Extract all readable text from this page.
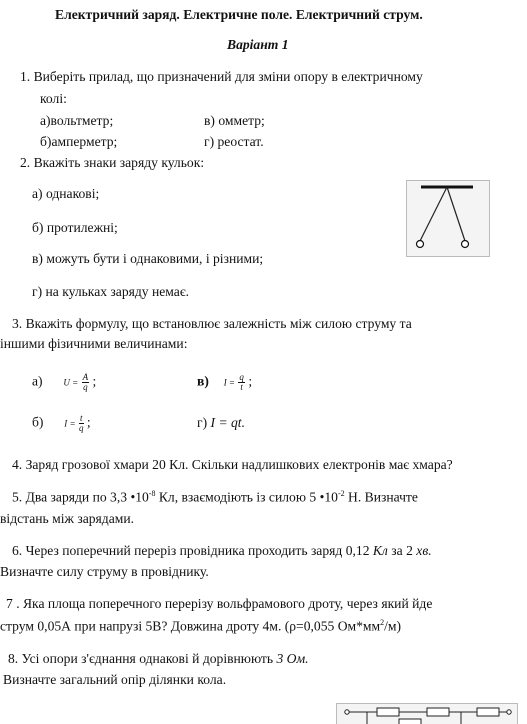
Електричний заряд. Електричне поле. Електричний струм.
Варіант 1
1. Виберіть прилад, що призначений для зміни опору в електричному
колі:
а)вольтметр;	в) омметр;
б)амперметр;	г) реостат.
2. Вкажіть знаки заряду кульок:
а) однакові;
б) протилежні;
в) можуть бути і однаковими, і різними;
г) на кульках заряду немає.
3. Вкажіть формулу, що встановлює залежність між силою струму та
іншими фізичними величинами:
а) $U = \frac{A}{q}$ ;	в) $I = \frac{q}{t}$ ;
б) $I = \frac{t}{q}$ ;	г) I = qt.
4. Заряд грозової хмари 20 Кл. Скільки надлишкових електронів має хмара?
5. Два заряди по 3,3 $•10^{-8}$ Кл, взаємодіють із силою 5 $•10^{-2}$ Н. Визначте
відстань між зарядами.
6. Через поперечний переріз провідника проходить заряд 0,12 Кл за 2 хв.
Визначте силу струму в провіднику.
7 . Яка площа поперечного перерізу вольфрамового дроту, через який йде
струм 0,05А при напрузі 5В? Довжина дроту 4м. (ρ=0,055 $Ом*мм^2/м$)
8. Усі опори з'єднання однакові й дорівнюють 3 Ом.
Визначте загальний опір ділянки кола.
